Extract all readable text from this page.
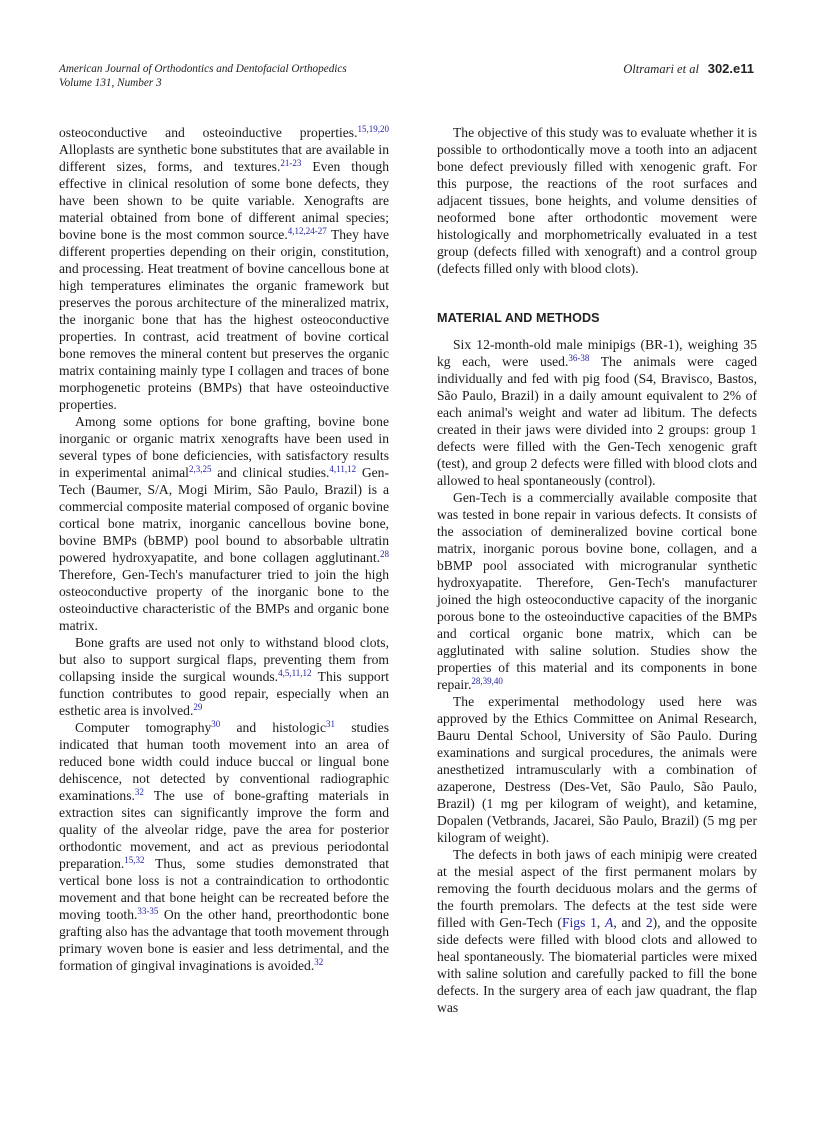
American Journal of Orthodontics and Dentofacial Orthopedics
Volume 131, Number 3
Oltramari et al 302.e11

osteoconductive and osteoinductive properties.$^{15,19,20}$ Alloplasts are synthetic bone substitutes that are available in different sizes, forms, and textures.$^{21-23}$ Even though effective in clinical resolution of some bone defects, they have been shown to be quite variable. Xenografts are material obtained from bone of different animal species; bovine bone is the most common source.$^{4,12,24-27}$ They have different properties depending on their origin, constitution, and processing. Heat treatment of bovine cancellous bone at high temperatures eliminates the organic framework but preserves the porous architecture of the mineralized matrix, the inorganic bone that has the highest osteoconductive properties. In contrast, acid treatment of bovine cortical bone removes the mineral content but preserves the organic matrix containing mainly type I collagen and traces of bone morphogenetic proteins (BMPs) that have osteoinductive properties.

Among some options for bone grafting, bovine bone inorganic or organic matrix xenografts have been used in several types of bone deficiencies, with satisfactory results in experimental animal$^{2,3,25}$ and clinical studies.$^{4,11,12}$ Gen-Tech (Baumer, S/A, Mogi Mirim, São Paulo, Brazil) is a commercial composite material composed of organic bovine cortical bone matrix, inorganic cancellous bovine bone, bovine BMPs (bBMP) pool bound to absorbable ultratin powered hydroxyapatite, and bone collagen agglutinant.$^{28}$ Therefore, Gen-Tech's manufacturer tried to join the high osteoconductive property of the inorganic bone to the osteoinductive characteristic of the BMPs and organic bone matrix.

Bone grafts are used not only to withstand blood clots, but also to support surgical flaps, preventing them from collapsing inside the surgical wounds.$^{4,5,11,12}$ This support function contributes to good repair, especially when an esthetic area is involved.$^{29}$

Computer tomography$^{30}$ and histologic$^{31}$ studies indicated that human tooth movement into an area of reduced bone width could induce buccal or lingual bone dehiscence, not detected by conventional radiographic examinations.$^{32}$ The use of bone-grafting materials in extraction sites can significantly improve the form and quality of the alveolar ridge, pave the area for posterior orthodontic movement, and act as previous periodontal preparation.$^{15,32}$ Thus, some studies demonstrated that vertical bone loss is not a contraindication to orthodontic movement and that bone height can be recreated before the moving tooth.$^{33-35}$ On the other hand, preorthodontic bone grafting also has the advantage that tooth movement through primary woven bone is easier and less detrimental, and the formation of gingival invaginations is avoided.$^{32}$

The objective of this study was to evaluate whether it is possible to orthodontically move a tooth into an adjacent bone defect previously filled with xenogenic graft. For this purpose, the reactions of the root surfaces and adjacent tissues, bone heights, and volume densities of neoformed bone after orthodontic movement were histologically and morphometrically evaluated in a test group (defects filled with xenograft) and a control group (defects filled only with blood clots).

MATERIAL AND METHODS

Six 12-month-old male minipigs (BR-1), weighing 35 kg each, were used.$^{36-38}$ The animals were caged individually and fed with pig food (S4, Bravisco, Bastos, São Paulo, Brazil) in a daily amount equivalent to 2% of each animal's weight and water ad libitum. The defects created in their jaws were divided into 2 groups: group 1 defects were filled with the Gen-Tech xenogenic graft (test), and group 2 defects were filled with blood clots and allowed to heal spontaneously (control).

Gen-Tech is a commercially available composite that was tested in bone repair in various defects. It consists of the association of demineralized bovine cortical bone matrix, inorganic porous bovine bone, collagen, and a bBMP pool associated with microgranular synthetic hydroxyapatite. Therefore, Gen-Tech's manufacturer joined the high osteoconductive capacity of the inorganic porous bone to the osteoinductive capacities of the BMPs and cortical organic bone matrix, which can be agglutinated with saline solution. Studies show the properties of this material and its components in bone repair.$^{28,39,40}$

The experimental methodology used here was approved by the Ethics Committee on Animal Research, Bauru Dental School, University of São Paulo. During examinations and surgical procedures, the animals were anesthetized intramuscularly with a combination of azaperone, Destress (Des-Vet, São Paulo, São Paulo, Brazil) (1 mg per kilogram of weight), and ketamine, Dopalen (Vetbrands, Jacarei, São Paulo, Brazil) (5 mg per kilogram of weight).

The defects in both jaws of each minipig were created at the mesial aspect of the first permanent molars by removing the fourth deciduous molars and the germs of the fourth premolars. The defects at the test side were filled with Gen-Tech (Figs 1, A, and 2), and the opposite side defects were filled with blood clots and allowed to heal spontaneously. The biomaterial particles were mixed with saline solution and carefully packed to fill the bone defects. In the surgery area of each jaw quadrant, the flap was
